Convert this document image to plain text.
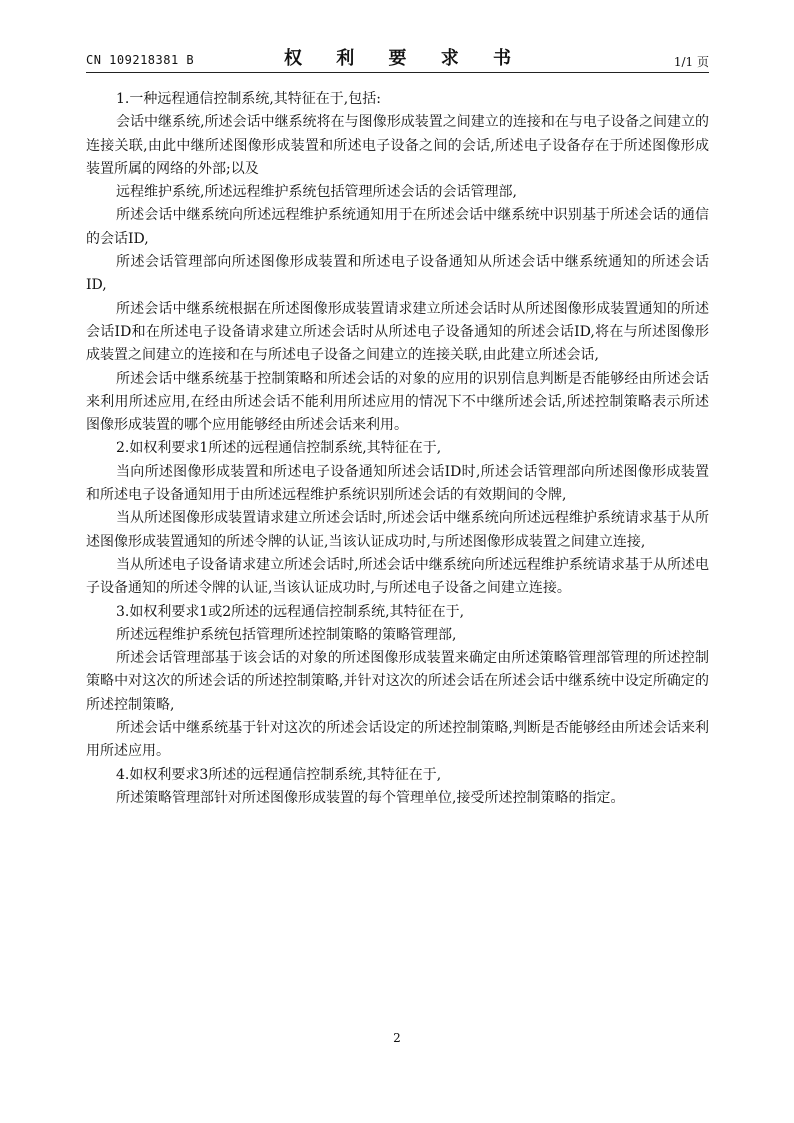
CN 109218381 B	权 利 要 求 书	1/1 页

1.一种远程通信控制系统,其特征在于,包括:

会话中继系统,所述会话中继系统将在与图像形成装置之间建立的连接和在与电子设备之间建立的连接关联,由此中继所述图像形成装置和所述电子设备之间的会话,所述电子设备存在于所述图像形成装置所属的网络的外部;以及

远程维护系统,所述远程维护系统包括管理所述会话的会话管理部,

所述会话中继系统向所述远程维护系统通知用于在所述会话中继系统中识别基于所述会话的通信的会话ID,

所述会话管理部向所述图像形成装置和所述电子设备通知从所述会话中继系统通知的所述会话ID,

所述会话中继系统根据在所述图像形成装置请求建立所述会话时从所述图像形成装置通知的所述会话ID和在所述电子设备请求建立所述会话时从所述电子设备通知的所述会话ID,将在与所述图像形成装置之间建立的连接和在与所述电子设备之间建立的连接关联,由此建立所述会话,

所述会话中继系统基于控制策略和所述会话的对象的应用的识别信息判断是否能够经由所述会话来利用所述应用,在经由所述会话不能利用所述应用的情况下不中继所述会话,所述控制策略表示所述图像形成装置的哪个应用能够经由所述会话来利用。

2.如权利要求1所述的远程通信控制系统,其特征在于,

当向所述图像形成装置和所述电子设备通知所述会话ID时,所述会话管理部向所述图像形成装置和所述电子设备通知用于由所述远程维护系统识别所述会话的有效期间的令牌,

当从所述图像形成装置请求建立所述会话时,所述会话中继系统向所述远程维护系统请求基于从所述图像形成装置通知的所述令牌的认证,当该认证成功时,与所述图像形成装置之间建立连接,

当从所述电子设备请求建立所述会话时,所述会话中继系统向所述远程维护系统请求基于从所述电子设备通知的所述令牌的认证,当该认证成功时,与所述电子设备之间建立连接。

3.如权利要求1或2所述的远程通信控制系统,其特征在于,

所述远程维护系统包括管理所述控制策略的策略管理部,

所述会话管理部基于该会话的对象的所述图像形成装置来确定由所述策略管理部管理的所述控制策略中对这次的所述会话的所述控制策略,并针对这次的所述会话在所述会话中继系统中设定所确定的所述控制策略,

所述会话中继系统基于针对这次的所述会话设定的所述控制策略,判断是否能够经由所述会话来利用所述应用。

4.如权利要求3所述的远程通信控制系统,其特征在于,

所述策略管理部针对所述图像形成装置的每个管理单位,接受所述控制策略的指定。

2
